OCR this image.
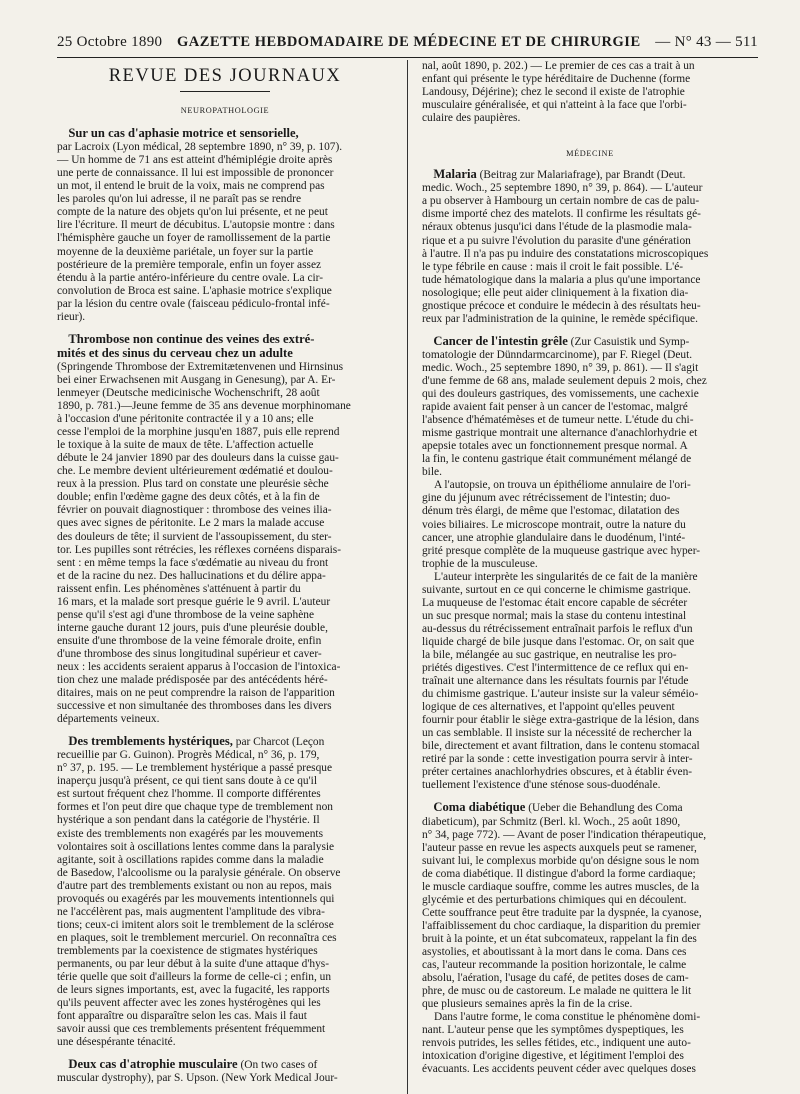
25 Octobre 1890 GAZETTE HEBDOMADAIRE DE MÉDECINE ET DE CHIRURGIE — N° 43 — 511
REVUE DES JOURNAUX
NEUROPATHOLOGIE

Sur un cas d'aphasie motrice et sensorielle,

par Lacroix (Lyon médical, 28 septembre 1890, n° 39, p. 107).

— Un homme de 71 ans est atteint d'hémiplégie droite après

une perte de connaissance. Il lui est impossible de prononcer

un mot, il entend le bruit de la voix, mais ne comprend pas

les paroles qu'on lui adresse, il ne paraît pas se rendre

compte de la nature des objets qu'on lui présente, et ne peut

lire l'écriture. Il meurt de décubitus. L'autopsie montre : dans

l'hémisphère gauche un foyer de ramollissement de la partie

moyenne de la deuxième pariétale, un foyer sur la partie

postérieure de la première temporale, enfin un foyer assez

étendu à la partie antéro-inférieure du centre ovale. La cir-

convolution de Broca est saine. L'aphasie motrice s'explique

par la lésion du centre ovale (faisceau pédiculo-frontal infé-

rieur).

Thrombose non continue des veines des extré-

mités et des sinus du cerveau chez un adulte

(Springende Thrombose der Extremitætenvenen und Hirnsinus

bei einer Erwachsenen mit Ausgang in Genesung), par A. Er-

lenmeyer (Deutsche medicinische Wochenschrift, 28 août

1890, p. 781.)—Jeune femme de 35 ans devenue morphinomane

à l'occasion d'une péritonite contractée il y a 10 ans; elle

cesse l'emploi de la morphine jusqu'en 1887, puis elle reprend

le toxique à la suite de maux de tête. L'affection actuelle

débute le 24 janvier 1890 par des douleurs dans la cuisse gau-

che. Le membre devient ultérieurement œdématié et doulou-

reux à la pression. Plus tard on constate une pleurésie sèche

double; enfin l'œdème gagne des deux côtés, et à la fin de

février on pouvait diagnostiquer : thrombose des veines ilia-

ques avec signes de péritonite. Le 2 mars la malade accuse

des douleurs de tête; il survient de l'assoupissement, du ster-

tor. Les pupilles sont rétrécies, les réflexes cornéens disparais-

sent : en même temps la face s'œdématie au niveau du front

et de la racine du nez. Des hallucinations et du délire appa-

raissent enfin. Les phénomènes s'atténuent à partir du

16 mars, et la malade sort presque guérie le 9 avril. L'auteur

pense qu'il s'est agi d'une thrombose de la veine saphène

interne gauche durant 12 jours, puis d'une pleurésie double,

ensuite d'une thrombose de la veine fémorale droite, enfin

d'une thrombose des sinus longitudinal supérieur et caver-

neux : les accidents seraient apparus à l'occasion de l'intoxica-

tion chez une malade prédisposée par des antécédents héré-

ditaires, mais on ne peut comprendre la raison de l'apparition

successive et non simultanée des thromboses dans les divers

départements veineux.

Des tremblements hystériques, par Charcot (Leçon

recueillie par G. Guinon). Progrès Médical, n° 36, p. 179,

n° 37, p. 195. — Le tremblement hystérique a passé presque

inaperçu jusqu'à présent, ce qui tient sans doute à ce qu'il

est surtout fréquent chez l'homme. Il comporte différentes

formes et l'on peut dire que chaque type de tremblement non

hystérique a son pendant dans la catégorie de l'hystérie. Il

existe des tremblements non exagérés par les mouvements

volontaires soit à oscillations lentes comme dans la paralysie

agitante, soit à oscillations rapides comme dans la maladie

de Basedow, l'alcoolisme ou la paralysie générale. On observe

d'autre part des tremblements existant ou non au repos, mais

provoqués ou exagérés par les mouvements intentionnels qui

ne l'accélèrent pas, mais augmentent l'amplitude des vibra-

tions; ceux-ci imitent alors soit le tremblement de la sclérose

en plaques, soit le tremblement mercuriel. On reconnaîtra ces

tremblements par la coexistence de stigmates hystériques

permanents, ou par leur début à la suite d'une attaque d'hys-

térie quelle que soit d'ailleurs la forme de celle-ci ; enfin, un

de leurs signes importants, est, avec la fugacité, les rapports

qu'ils peuvent affecter avec les zones hystérogènes qui les

font apparaître ou disparaître selon les cas. Mais il faut

savoir aussi que ces tremblements présentent fréquemment

une désespérante ténacité.

Deux cas d'atrophie musculaire (On two cases of

muscular dystrophy), par S. Upson. (New York Medical Jour-

nal, août 1890, p. 202.) — Le premier de ces cas a trait à un

enfant qui présente le type héréditaire de Duchenne (forme

Landousy, Déjérine); chez le second il existe de l'atrophie

musculaire généralisée, et qui n'atteint à la face que l'orbi-

culaire des paupières.

MÉDECINE

Malaria (Beitrag zur Malariafrage), par Brandt (Deut.

medic. Woch., 25 septembre 1890, n° 39, p. 864). — L'auteur

a pu observer à Hambourg un certain nombre de cas de palu-

disme importé chez des matelots. Il confirme les résultats gé-

néraux obtenus jusqu'ici dans l'étude de la plasmodie mala-

rique et a pu suivre l'évolution du parasite d'une génération

à l'autre. Il n'a pas pu induire des constatations microscopiques

le type fébrile en cause : mais il croit le fait possible. L'é-

tude hématologique dans la malaria a plus qu'une importance

nosologique; elle peut aider cliniquement à la fixation dia-

gnostique précoce et conduire le médecin à des résultats heu-

reux par l'administration de la quinine, le remède spécifique.

Cancer de l'intestin grêle (Zur Casuistik und Symp-

tomatologie der Dünndarmcarcinome), par F. Riegel (Deut.

medic. Woch., 25 septembre 1890, n° 39, p. 861). — Il s'agit

d'une femme de 68 ans, malade seulement depuis 2 mois, chez

qui des douleurs gastriques, des vomissements, une cachexie

rapide avaient fait penser à un cancer de l'estomac, malgré

l'absence d'hématémèses et de tumeur nette. L'étude du chi-

misme gastrique montrait une alternance d'anachlorhydrie et

apepsie totales avec un fonctionnement presque normal. A

la fin, le contenu gastrique était communément mélangé de

bile.

A l'autopsie, on trouva un épithéliome annulaire de l'ori-

gine du jéjunum avec rétrécissement de l'intestin; duo-

dénum très élargi, de même que l'estomac, dilatation des

voies biliaires. Le microscope montrait, outre la nature du

cancer, une atrophie glandulaire dans le duodénum, l'inté-

grité presque complète de la muqueuse gastrique avec hyper-

trophie de la musculeuse.

L'auteur interprète les singularités de ce fait de la manière

suivante, surtout en ce qui concerne le chimisme gastrique.

La muqueuse de l'estomac était encore capable de sécréter

un suc presque normal; mais la stase du contenu intestinal

au-dessus du rétrécissement entraînait parfois le reflux d'un

liquide chargé de bile jusque dans l'estomac. Or, on sait que

la bile, mélangée au suc gastrique, en neutralise les pro-

priétés digestives. C'est l'intermittence de ce reflux qui en-

traînait une alternance dans les résultats fournis par l'étude

du chimisme gastrique. L'auteur insiste sur la valeur séméio-

logique de ces alternatives, et l'appoint qu'elles peuvent

fournir pour établir le siège extra-gastrique de la lésion, dans

un cas semblable. Il insiste sur la nécessité de rechercher la

bile, directement et avant filtration, dans le contenu stomacal

retiré par la sonde : cette investigation pourra servir à inter-

préter certaines anachlorhydries obscures, et à établir éven-

tuellement l'existence d'une sténose sous-duodénale.

Coma diabétique (Ueber die Behandlung des Coma

diabeticum), par Schmitz (Berl. kl. Woch., 25 août 1890,

n° 34, page 772). — Avant de poser l'indication thérapeutique,

l'auteur passe en revue les aspects auxquels peut se ramener,

suivant lui, le complexus morbide qu'on désigne sous le nom

de coma diabétique. Il distingue d'abord la forme cardiaque;

le muscle cardiaque souffre, comme les autres muscles, de la

glycémie et des perturbations chimiques qui en découlent.

Cette souffrance peut être traduite par la dyspnée, la cyanose,

l'affaiblissement du choc cardiaque, la disparition du premier

bruit à la pointe, et un état subcomateux, rappelant la fin des

asystolies, et aboutissant à la mort dans le coma. Dans ces

cas, l'auteur recommande la position horizontale, le calme

absolu, l'aération, l'usage du café, de petites doses de cam-

phre, de musc ou de castoreum. Le malade ne quittera le lit

que plusieurs semaines après la fin de la crise.

Dans l'autre forme, le coma constitue le phénomène domi-

nant. L'auteur pense que les symptômes dyspeptiques, les

renvois putrides, les selles fétides, etc., indiquent une auto-

intoxication d'origine digestive, et légitiment l'emploi des

évacuants. Les accidents peuvent céder avec quelques doses
